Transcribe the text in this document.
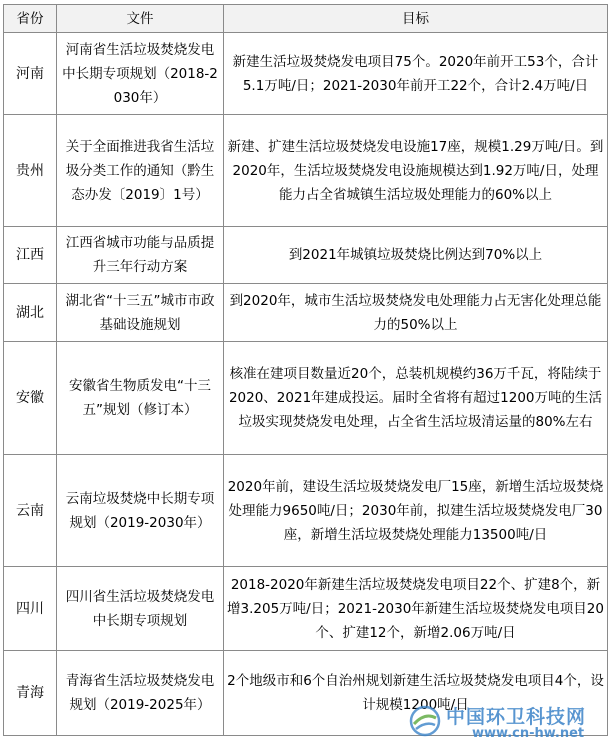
省份	文件	目标
河南	河南省生活垃圾焚烧发电中长期专项规划（2018-2030年）	新建生活垃圾焚烧发电项目75个。2020年前开工53个，合计5.1万吨/日；2021-2030年前开工22个，合计2.4万吨/日
贵州	关于全面推进我省生活垃圾分类工作的通知（黔生态办发〔2019〕1号）	新建、扩建生活垃圾焚烧发电设施17座，规模1.29万吨/日。到2020年，生活垃圾焚烧发电设施规模达到1.92万吨/日，处理能力占全省城镇生活垃圾处理能力的60%以上
江西	江西省城市功能与品质提升三年行动方案	到2021年城镇垃圾焚烧比例达到70%以上
湖北	湖北省“十三五”城市市政基础设施规划	到2020年，城市生活垃圾焚烧发电处理能力占无害化处理总能力的50%以上
安徽	安徽省生物质发电“十三五”规划（修订本）	核准在建项目数量近20个，总装机规模约36万千瓦，将陆续于2020、2021年建成投运。届时全省将有超过1200万吨的生活垃圾实现焚烧发电处理，占全省生活垃圾清运量的80%左右
云南	云南垃圾焚烧中长期专项规划（2019-2030年）	2020年前，建设生活垃圾焚烧发电厂15座，新增生活垃圾焚烧处理能力9650吨/日；2030年前，拟建生活垃圾焚烧发电厂30座，新增生活垃圾焚烧处理能力13500吨/日
四川	四川省生活垃圾焚烧发电中长期专项规划	2018-2020年新建生活垃圾焚烧发电项目22个、扩建8个，新增3.205万吨/日；2021-2030年新建生活垃圾焚烧发电项目20个、扩建12个，新增2.06万吨/日
青海	青海省生活垃圾焚烧发电规划（2019-2025年）	2个地级市和6个自治州规划新建生活垃圾焚烧发电项目4个，设计规模1200吨/日
中国环卫科技网
www.cn-hw.net
